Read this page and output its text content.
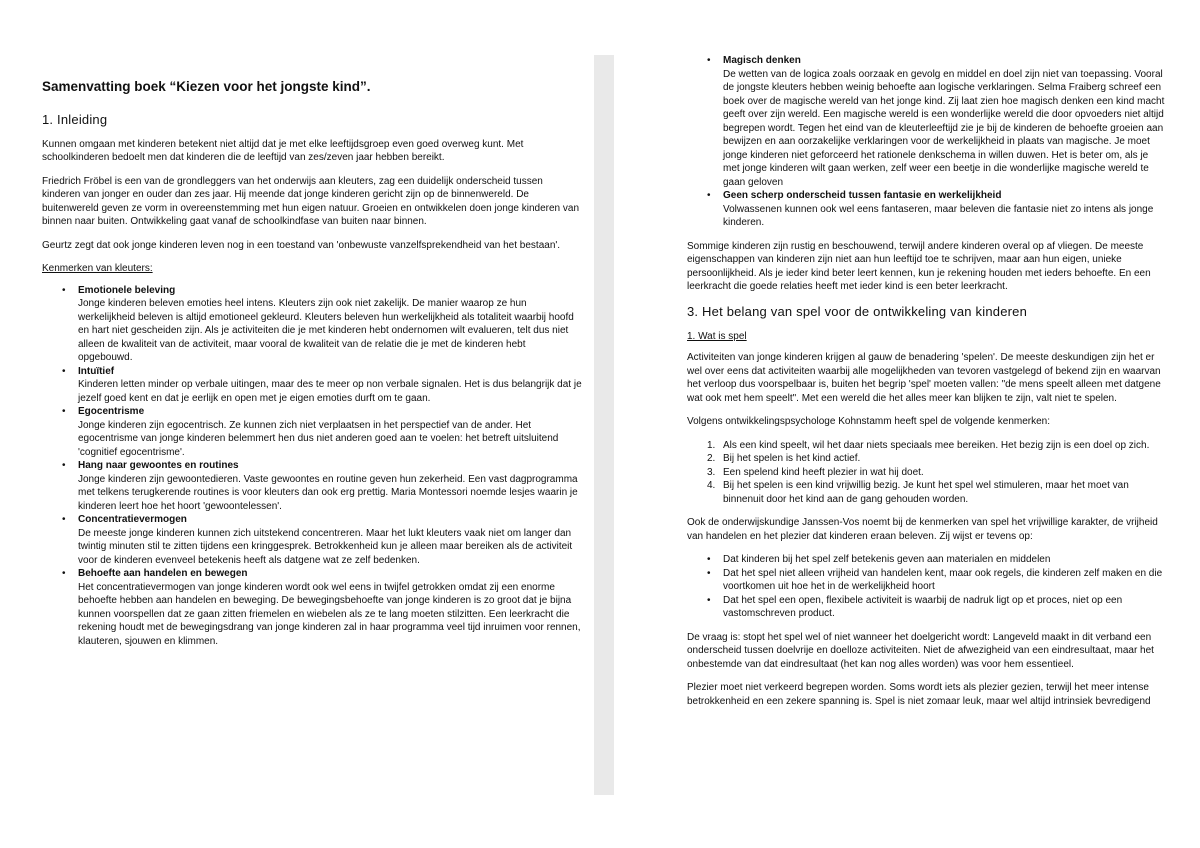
Samenvatting boek “Kiezen voor het jongste kind”.

1. Inleiding

Kunnen omgaan met kinderen betekent niet altijd dat je met elke leeftijdsgroep even goed overweg kunt. Met schoolkinderen bedoelt men dat kinderen die de leeftijd van zes/zeven jaar hebben bereikt.

Friedrich Fröbel is een van de grondleggers van het onderwijs aan kleuters, zag een duidelijk onderscheid tussen kinderen van jonger en ouder dan zes jaar. Hij meende dat jonge kinderen gericht zijn op de binnenwereld. De buitenwereld geven ze vorm in overeenstemming met hun eigen natuur. Groeien en ontwikkelen doen jonge kinderen van binnen naar buiten. Ontwikkeling gaat vanaf de schoolkindfase van buiten naar binnen.

Geurtz zegt dat ook jonge kinderen leven nog in een toestand van 'onbewuste vanzelfsprekendheid van het bestaan'.

Kenmerken van kleuters:

• Emotionele beleving
Jonge kinderen beleven emoties heel intens. Kleuters zijn ook niet zakelijk. De manier waarop ze hun werkelijkheid beleven is altijd emotioneel gekleurd. Kleuters beleven hun werkelijkheid als totaliteit waarbij hoofd en hart niet gescheiden zijn. Als je activiteiten die je met kinderen hebt ondernomen wilt evalueren, telt dus niet alleen de kwaliteit van de activiteit, maar vooral de kwaliteit van de relatie die je met de kinderen hebt opgebouwd.
• Intuïtief
Kinderen letten minder op verbale uitingen, maar des te meer op non verbale signalen. Het is dus belangrijk dat je jezelf goed kent en dat je eerlijk en open met je eigen emoties durft om te gaan.
• Egocentrisme
Jonge kinderen zijn egocentrisch. Ze kunnen zich niet verplaatsen in het perspectief van de ander. Het egocentrisme van jonge kinderen belemmert hen dus niet anderen goed aan te voelen: het betreft uitsluitend 'cognitief egocentrisme'.
• Hang naar gewoontes en routines
Jonge kinderen zijn gewoontedieren. Vaste gewoontes en routine geven hun zekerheid. Een vast dagprogramma met telkens terugkerende routines is voor kleuters dan ook erg prettig. Maria Montessori noemde lesjes waarin je kinderen leert hoe het hoort 'gewoontelessen'.
• Concentratievermogen
De meeste jonge kinderen kunnen zich uitstekend concentreren. Maar het lukt kleuters vaak niet om langer dan twintig minuten stil te zitten tijdens een kringgesprek. Betrokkenheid kun je alleen maar bereiken als de activiteit voor de kinderen evenveel betekenis heeft als datgene wat ze zelf bedenken.
• Behoefte aan handelen en bewegen
Het concentratievermogen van jonge kinderen wordt ook wel eens in twijfel getrokken omdat zij een enorme behoefte hebben aan handelen en beweging. De bewegingsbehoefte van jonge kinderen is zo groot dat je bijna kunnen voorspellen dat ze gaan zitten friemelen en wiebelen als ze te lang moeten stilzitten. Een leerkracht die rekening houdt met de bewegingsdrang van jonge kinderen zal in haar programma veel tijd inruimen voor rennen, klauteren, sjouwen en klimmen.
• Magisch denken
De wetten van de logica zoals oorzaak en gevolg en middel en doel zijn niet van toepassing. Vooral de jongste kleuters hebben weinig behoefte aan logische verklaringen. Selma Fraiberg schreef een boek over de magische wereld van het jonge kind. Zij laat zien hoe magisch denken een kind macht geeft over zijn wereld. Een magische wereld is een wonderlijke wereld die door opvoeders niet altijd begrepen wordt. Tegen het eind van de kleuterleeftijd zie je bij de kinderen de behoefte groeien aan bewijzen en aan oorzakelijke verklaringen voor de werkelijkheid in plaats van magische. Je moet jonge kinderen niet geforceerd het rationele denkschema in willen duwen. Het is beter om, als je met jonge kinderen wilt gaan werken, zelf weer een beetje in die wonderlijke magische wereld te gaan geloven
• Geen scherp onderscheid tussen fantasie en werkelijkheid
Volwassenen kunnen ook wel eens fantaseren, maar beleven die fantasie niet zo intens als jonge kinderen.

Sommige kinderen zijn rustig en beschouwend, terwijl andere kinderen overal op af vliegen. De meeste eigenschappen van kinderen zijn niet aan hun leeftijd toe te schrijven, maar aan hun eigen, unieke persoonlijkheid. Als je ieder kind beter leert kennen, kun je rekening houden met ieders behoefte. En een leerkracht die goede relaties heeft met ieder kind is een beter leerkracht.

3. Het belang van spel voor de ontwikkeling van kinderen

1. Wat is spel

Activiteiten van jonge kinderen krijgen al gauw de benadering 'spelen'. De meeste deskundigen zijn het er wel over eens dat activiteiten waarbij alle mogelijkheden van tevoren vastgelegd of bekend zijn en waarvan het verloop dus voorspelbaar is, buiten het begrip 'spel' moeten vallen: "de mens speelt alleen met datgene wat ook met hem speelt". Met een wereld die het alles meer kan blijken te zijn, valt niet te spelen.

Volgens ontwikkelingspsychologe Kohnstamm heeft spel de volgende kenmerken:

1. Als een kind speelt, wil het daar niets speciaals mee bereiken. Het bezig zijn is een doel op zich.
2. Bij het spelen is het kind actief.
3. Een spelend kind heeft plezier in wat hij doet.
4. Bij het spelen is een kind vrijwillig bezig. Je kunt het spel wel stimuleren, maar het moet van binnenuit door het kind aan de gang gehouden worden.

Ook de onderwijskundige Janssen-Vos noemt bij de kenmerken van spel het vrijwillige karakter, de vrijheid van handelen en het plezier dat kinderen eraan beleven. Zij wijst er tevens op:

• Dat kinderen bij het spel zelf betekenis geven aan materialen en middelen
• Dat het spel niet alleen vrijheid van handelen kent, maar ook regels, die kinderen zelf maken en die voortkomen uit hoe het in de werkelijkheid hoort
• Dat het spel een open, flexibele activiteit is waarbij de nadruk ligt op et proces, niet op een vastomschreven product.

De vraag is: stopt het spel wel of niet wanneer het doelgericht wordt: Langeveld maakt in dit verband een onderscheid tussen doelvrije en doelloze activiteiten. Niet de afwezigheid van een eindresultaat, maar het onbestemde van dat eindresultaat (het kan nog alles worden) was voor hem essentieel.

Plezier moet niet verkeerd begrepen worden. Soms wordt iets als plezier gezien, terwijl het meer intense betrokkenheid en een zekere spanning is. Spel is niet zomaar leuk, maar wel altijd intrinsiek bevredigend
